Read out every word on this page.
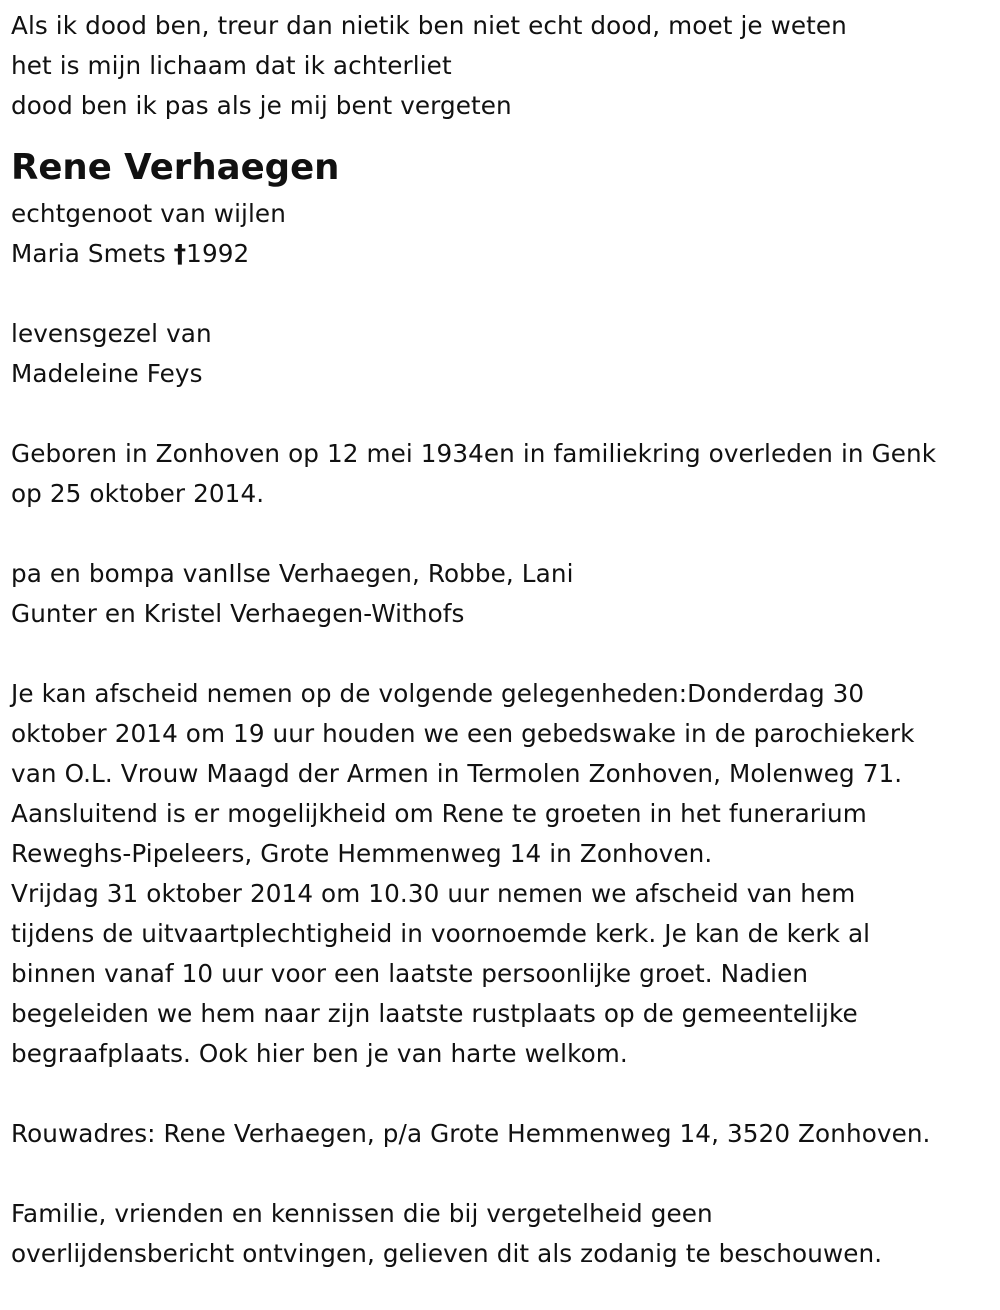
Als ik dood ben, treur dan nietik ben niet echt dood, moet je weten
het is mijn lichaam dat ik achterliet
dood ben ik pas als je mij bent vergeten
Rene Verhaegen
echtgenoot van wijlen
Maria Smets †1992
levensgezel van
Madeleine Feys
Geboren in Zonhoven op 12 mei 1934en in familiekring overleden in Genk
op 25 oktober 2014.
pa en bompa vanIlse Verhaegen, Robbe, Lani
Gunter en Kristel Verhaegen-Withofs
Je kan afscheid nemen op de volgende gelegenheden:Donderdag 30
oktober 2014 om 19 uur houden we een gebedswake in de parochiekerk
van O.L. Vrouw Maagd der Armen in Termolen Zonhoven, Molenweg 71.
Aansluitend is er mogelijkheid om Rene te groeten in het funerarium
Reweghs-Pipeleers, Grote Hemmenweg 14 in Zonhoven.
Vrijdag 31 oktober 2014 om 10.30 uur nemen we afscheid van hem
tijdens de uitvaartplechtigheid in voornoemde kerk. Je kan de kerk al
binnen vanaf 10 uur voor een laatste persoonlijke groet. Nadien
begeleiden we hem naar zijn laatste rustplaats op de gemeentelijke
begraafplaats. Ook hier ben je van harte welkom.
Rouwadres: Rene Verhaegen, p/a Grote Hemmenweg 14, 3520 Zonhoven.
Familie, vrienden en kennissen die bij vergetelheid geen
overlijdensbericht ontvingen, gelieven dit als zodanig te beschouwen.
